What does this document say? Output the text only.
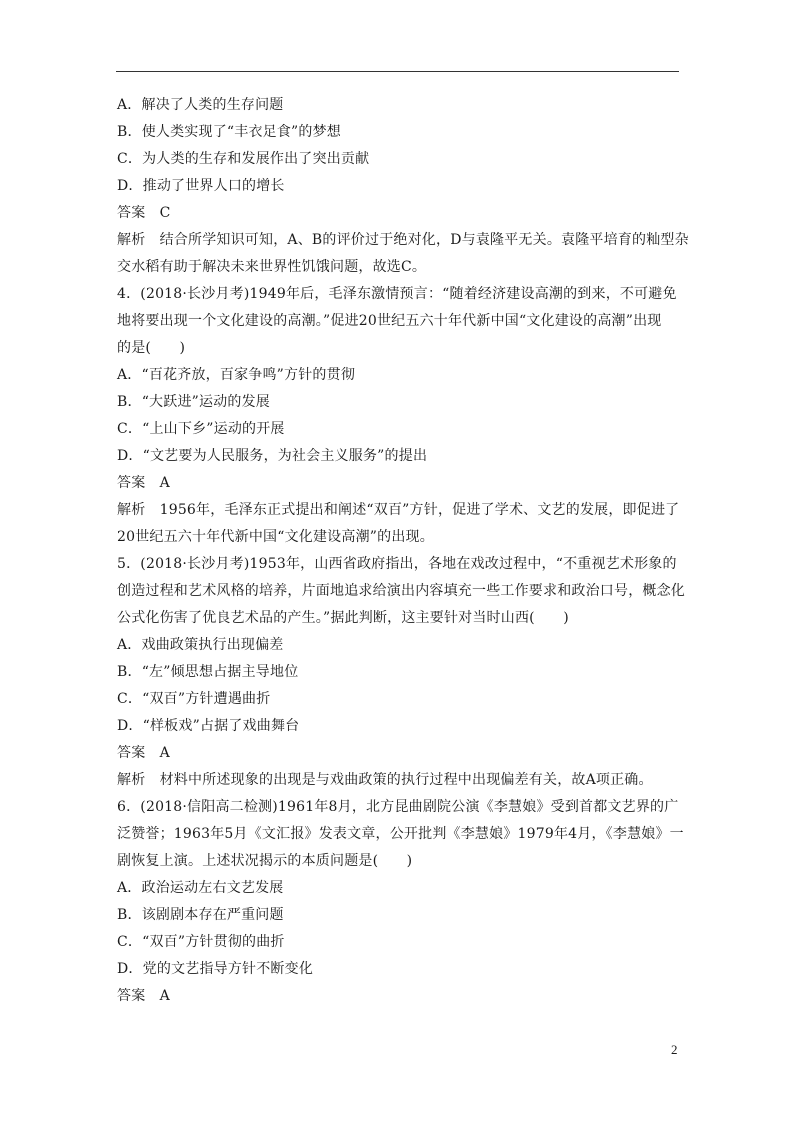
A．解决了人类的生存问题
B．使人类实现了“丰衣足食”的梦想
C．为人类的生存和发展作出了突出贡献
D．推动了世界人口的增长
答案　C
解析　结合所学知识可知，A、B的评价过于绝对化，D与袁隆平无关。袁隆平培育的籼型杂
交水稻有助于解决未来世界性饥饿问题，故选C。
4．(2018·长沙月考)1949年后，毛泽东激情预言：“随着经济建设高潮的到来，不可避免
地将要出现一个文化建设的高潮。”促进20世纪五六十年代新中国“文化建设的高潮”出现
的是(　　)
A．“百花齐放，百家争鸣”方针的贯彻
B．“大跃进”运动的发展
C．“上山下乡”运动的开展
D．“文艺要为人民服务，为社会主义服务”的提出
答案　A
解析　1956年，毛泽东正式提出和阐述“双百”方针，促进了学术、文艺的发展，即促进了
20世纪五六十年代新中国“文化建设高潮”的出现。
5．(2018·长沙月考)1953年，山西省政府指出，各地在戏改过程中，“不重视艺术形象的
创造过程和艺术风格的培养，片面地追求给演出内容填充一些工作要求和政治口号，概念化
公式化伤害了优良艺术品的产生。”据此判断，这主要针对当时山西(　　)
A．戏曲政策执行出现偏差
B．“左”倾思想占据主导地位
C．“双百”方针遭遇曲折
D．“样板戏”占据了戏曲舞台
答案　A
解析　材料中所述现象的出现是与戏曲政策的执行过程中出现偏差有关，故A项正确。
6．(2018·信阳高二检测)1961年8月，北方昆曲剧院公演《李慧娘》受到首都文艺界的广
泛赞誉；1963年5月《文汇报》发表文章，公开批判《李慧娘》1979年4月，《李慧娘》一
剧恢复上演。上述状况揭示的本质问题是(　　)
A．政治运动左右文艺发展
B．该剧剧本存在严重问题
C．“双百”方针贯彻的曲折
D．党的文艺指导方针不断变化
答案　A
2
